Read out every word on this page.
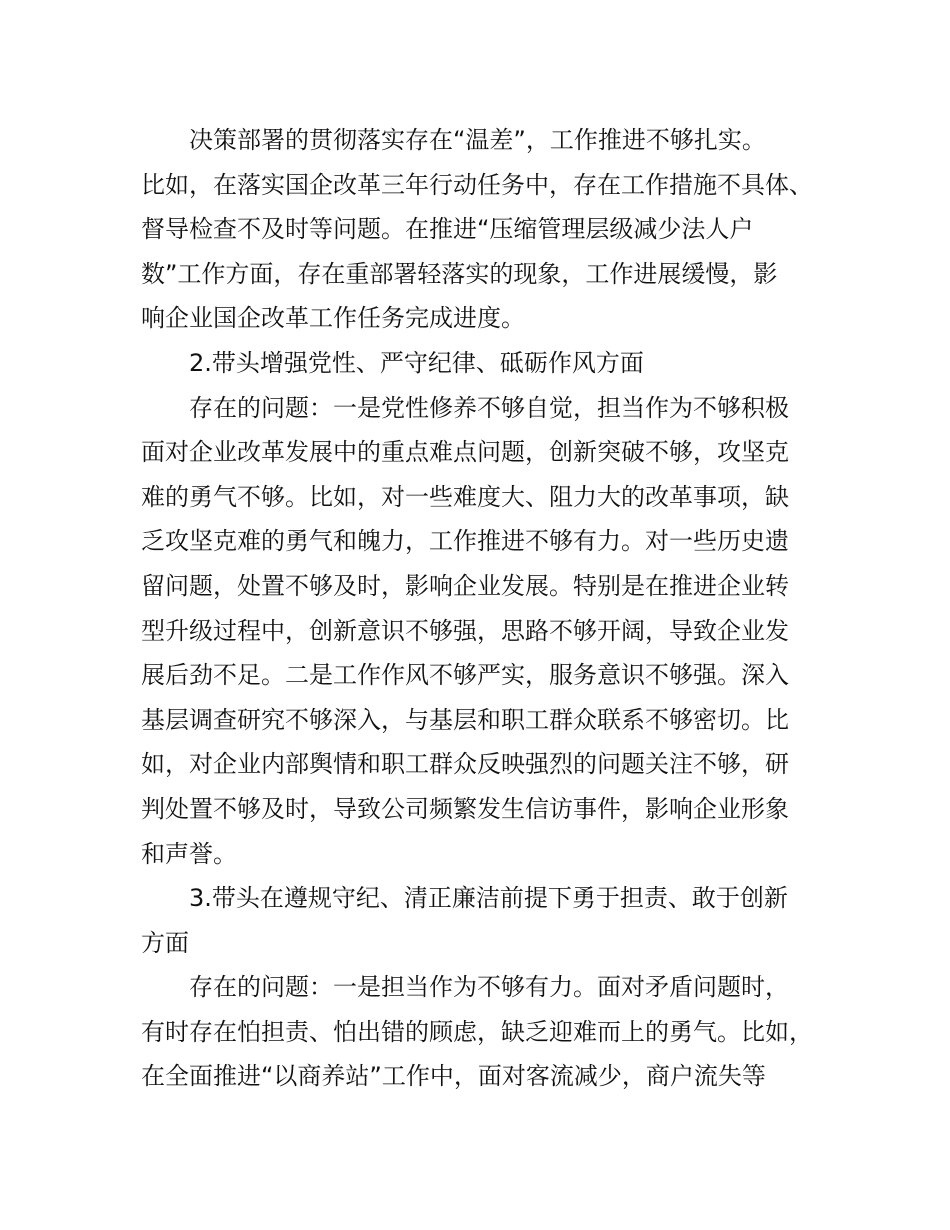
决策部署的贯彻落实存在“温差”，工作推进不够扎实。
比如，在落实国企改革三年行动任务中，存在工作措施不具体、
督导检查不及时等问题。在推进“压缩管理层级减少法人户
数”工作方面，存在重部署轻落实的现象，工作进展缓慢，影
响企业国企改革工作任务完成进度。
2.带头增强党性、严守纪律、砥砺作风方面
存在的问题：一是党性修养不够自觉，担当作为不够积极
面对企业改革发展中的重点难点问题，创新突破不够，攻坚克
难的勇气不够。比如，对一些难度大、阻力大的改革事项，缺
乏攻坚克难的勇气和魄力，工作推进不够有力。对一些历史遗
留问题，处置不够及时，影响企业发展。特别是在推进企业转
型升级过程中，创新意识不够强，思路不够开阔，导致企业发
展后劲不足。二是工作作风不够严实，服务意识不够强。深入
基层调查研究不够深入，与基层和职工群众联系不够密切。比
如，对企业内部舆情和职工群众反映强烈的问题关注不够，研
判处置不够及时，导致公司频繁发生信访事件，影响企业形象
和声誉。
3.带头在遵规守纪、清正廉洁前提下勇于担责、敢于创新
方面
存在的问题：一是担当作为不够有力。面对矛盾问题时，
有时存在怕担责、怕出错的顾虑，缺乏迎难而上的勇气。比如，
在全面推进“以商养站”工作中，面对客流减少，商户流失等
